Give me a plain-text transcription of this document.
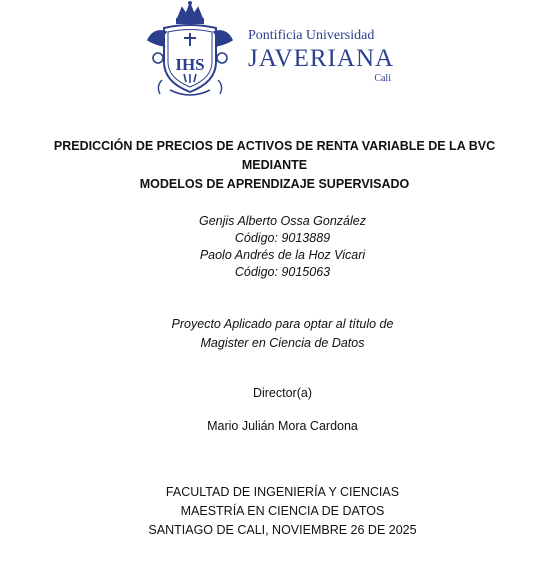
IHS
Pontificia Universidad
JAVERIANA
Cali
PREDICCIÓN DE PRECIOS DE ACTIVOS DE RENTA VARIABLE DE LA BVC MEDIANTE
MODELOS DE APRENDIZAJE SUPERVISADO
Genjis Alberto Ossa González
Código: 9013889
Paolo Andrés de la Hoz Vicari
Código: 9015063
Proyecto Aplicado para optar al título de
Magister en Ciencia de Datos
Director(a)
Mario Julián Mora Cardona
FACULTAD DE INGENIERÍA Y CIENCIAS
MAESTRÍA EN CIENCIA DE DATOS
SANTIAGO DE CALI, NOVIEMBRE 26 DE 2025
